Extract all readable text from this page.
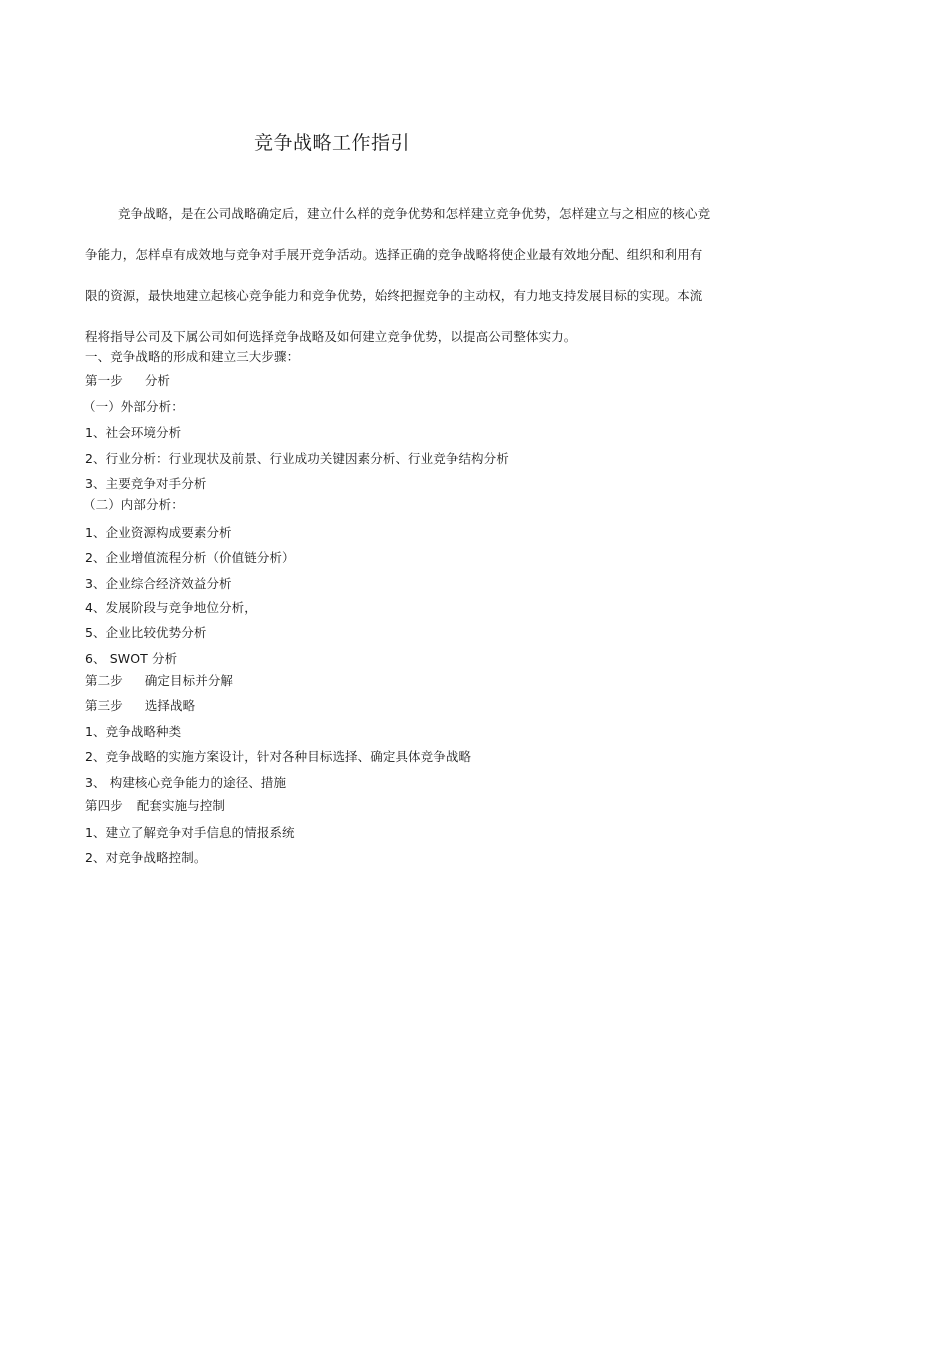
竞争战略工作指引
竞争战略，是在公司战略确定后，建立什么样的竞争优势和怎样建立竞争优势，怎样建立与之相应的核心竞
争能力，怎样卓有成效地与竞争对手展开竞争活动。选择正确的竞争战略将使企业最有效地分配、组织和利用有
限的资源，最快地建立起核心竞争能力和竞争优势，始终把握竞争的主动权，有力地支持发展目标的实现。本流
程将指导公司及下属公司如何选择竞争战略及如何建立竞争优势，以提高公司整体实力。
一、竞争战略的形成和建立三大步骤：
第一步 分析
（一）外部分析：
1、社会环境分析
2、行业分析：行业现状及前景、行业成功关键因素分析、行业竞争结构分析
3、主要竞争对手分析
（二）内部分析：
1、企业资源构成要素分析
2、企业增值流程分析（价值链分析）
3、企业综合经济效益分析
4、发展阶段与竞争地位分析，
5、企业比较优势分析
6、 SWOT 分析
第二步 确定目标并分解
第三步 选择战略
1、竞争战略种类
2、竞争战略的实施方案设计，针对各种目标选择、确定具体竞争战略
3、 构建核心竞争能力的途径、措施
第四步 配套实施与控制
1、建立了解竞争对手信息的情报系统
2、对竞争战略控制。
